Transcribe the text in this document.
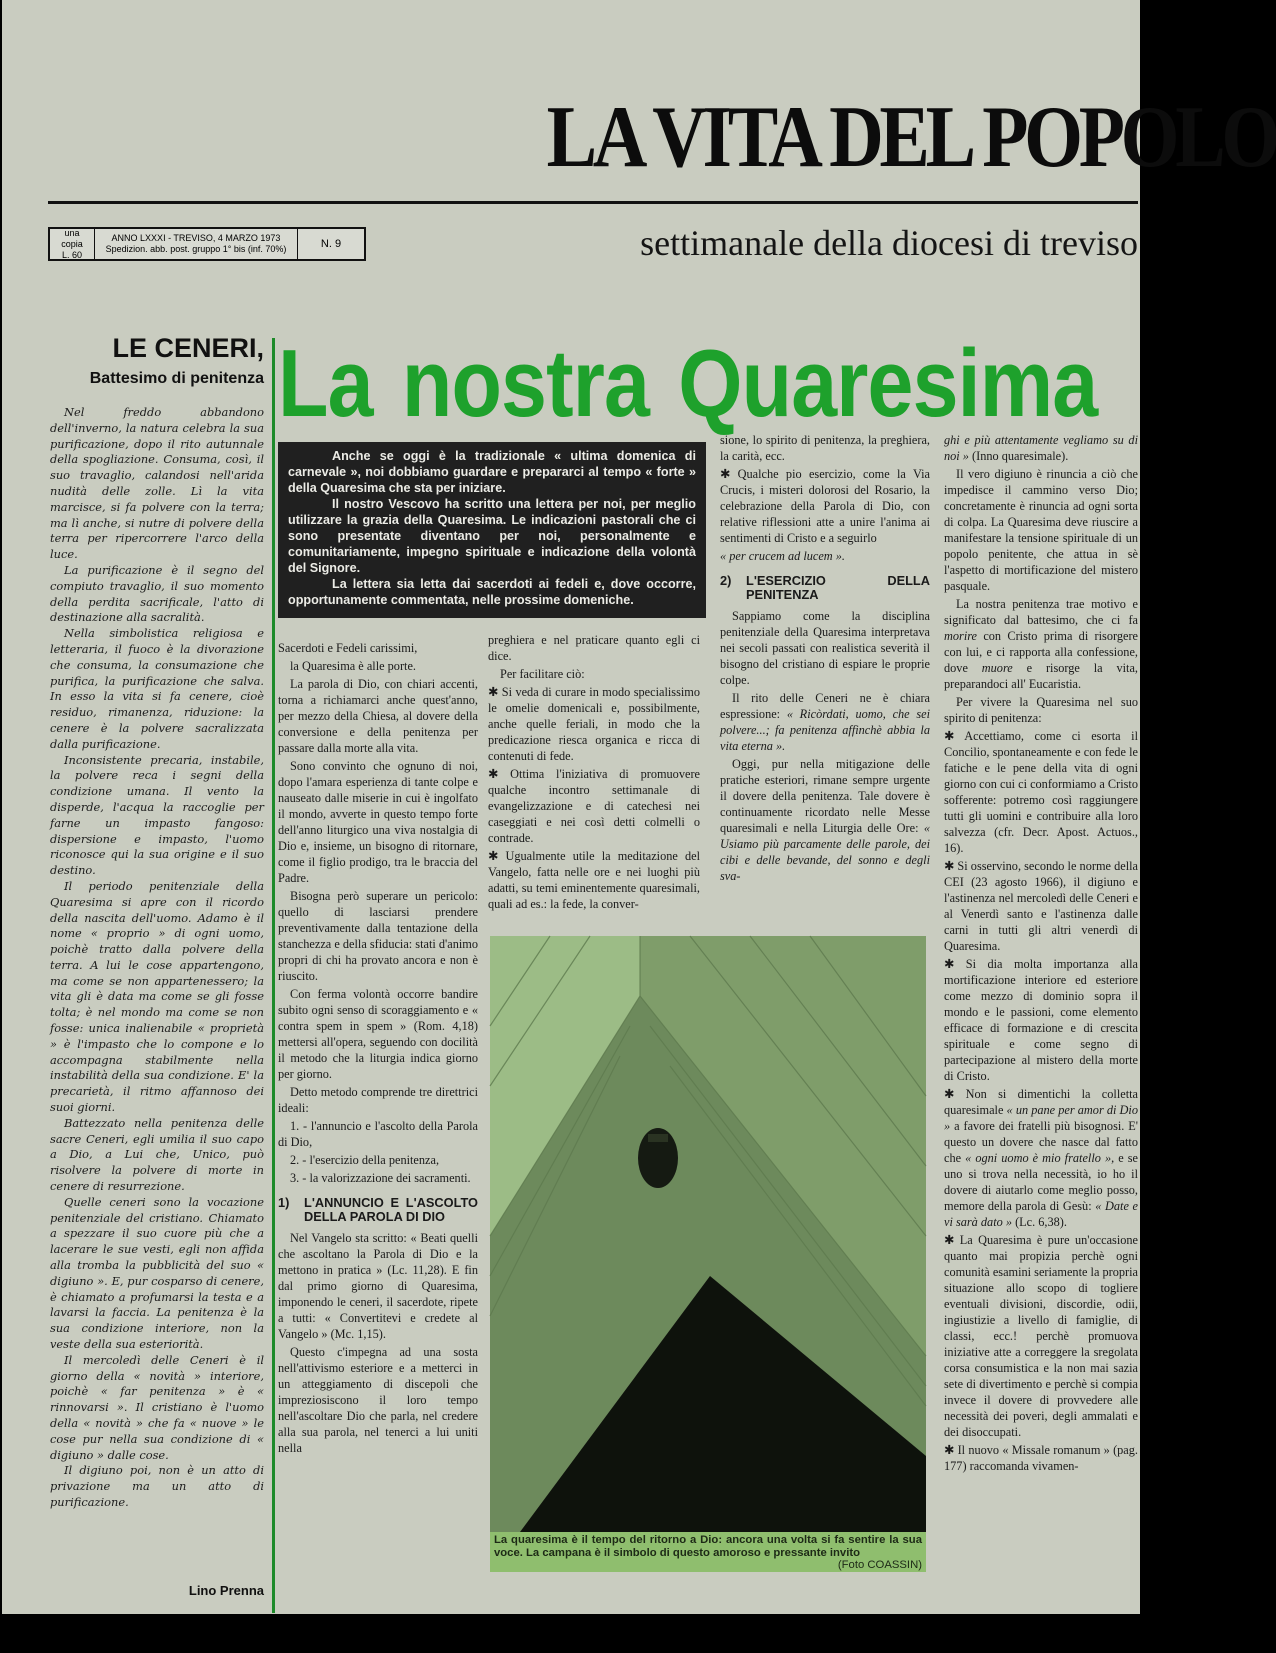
LA VITA DEL POPOLO
una copia
L. 60
ANNO LXXXI - TREVISO, 4 MARZO 1973
Spedizion. abb. post. gruppo 1° bis (inf. 70%)	N. 9	settimanale della diocesi di treviso
LE CENERI,
Battesimo di penitenza

Nel freddo abbandono dell'inverno, la natura celebra la sua purificazione, dopo il rito autunnale della spogliazione. Consuma, così, il suo travaglio, calandosi nell'arida nudità delle zolle. Lì la vita marcisce, si fa polvere con la terra; ma lì anche, si nutre di polvere della terra per ripercorrere l'arco della luce.

La purificazione è il segno del compiuto travaglio, il suo momento della perdita sacrificale, l'atto di destinazione alla sacralità.

Nella simbolistica religiosa e letteraria, il fuoco è la divorazione che consuma, la consumazione che purifica, la purificazione che salva. In esso la vita si fa cenere, cioè residuo, rimanenza, riduzione: la cenere è la polvere sacralizzata dalla purificazione.

Inconsistente precaria, instabile, la polvere reca i segni della condizione umana. Il vento la disperde, l'acqua la raccoglie per farne un impasto fangoso: dispersione e impasto, l'uomo riconosce qui la sua origine e il suo destino.

Il periodo penitenziale della Quaresima si apre con il ricordo della nascita dell'uomo. Adamo è il nome « proprio » di ogni uomo, poichè tratto dalla polvere della terra. A lui le cose appartengono, ma come se non appartenessero; la vita gli è data ma come se gli fosse tolta; è nel mondo ma come se non fosse: unica inalienabile « proprietà » è l'impasto che lo compone e lo accompagna stabilmente nella instabilità della sua condizione. E' la precarietà, il ritmo affannoso dei suoi giorni.

Battezzato nella penitenza delle sacre Ceneri, egli umilia il suo capo a Dio, a Lui che, Unico, può risolvere la polvere di morte in cenere di resurrezione.

Quelle ceneri sono la vocazione penitenziale del cristiano. Chiamato a spezzare il suo cuore più che a lacerare le sue vesti, egli non affida alla tromba la pubblicità del suo « digiuno ». E, pur cosparso di cenere, è chiamato a profumarsi la testa e a lavarsi la faccia. La penitenza è la sua condizione interiore, non la veste della sua esteriorità.

Il mercoledì delle Ceneri è il giorno della « novità » interiore, poichè « far penitenza » è « rinnovarsi ». Il cristiano è l'uomo della « novità » che fa « nuove » le cose pur nella sua condizione di « digiuno » dalle cose.

Il digiuno poi, non è un atto di privazione ma un atto di purificazione.

Lino Prenna
La nostra Quaresima

Anche se oggi è la tradizionale « ultima domenica di carnevale », noi dobbiamo guardare e prepararci al tempo « forte » della Quaresima che sta per iniziare.

Il nostro Vescovo ha scritto una lettera per noi, per meglio utilizzare la grazia della Quaresima. Le indicazioni pastorali che ci sono presentate diventano per noi, personalmente e comunitariamente, impegno spirituale e indicazione della volontà del Signore.

La lettera sia letta dai sacerdoti ai fedeli e, dove occorre, opportunamente commentata, nelle prossime domeniche.

Sacerdoti e Fedeli carissimi,

la Quaresima è alle porte.

La parola di Dio, con chiari accenti, torna a richiamarci anche quest'anno, per mezzo della Chiesa, al dovere della conversione e della penitenza per passare dalla morte alla vita.

Sono convinto che ognuno di noi, dopo l'amara esperienza di tante colpe e nauseato dalle miserie in cui è ingolfato il mondo, avverte in questo tempo forte dell'anno liturgico una viva nostalgia di Dio e, insieme, un bisogno di ritornare, come il figlio prodigo, tra le braccia del Padre.

Bisogna però superare un pericolo: quello di lasciarsi prendere preventivamente dalla tentazione della stanchezza e della sfiducia: stati d'animo propri di chi ha provato ancora e non è riuscito.

Con ferma volontà occorre bandire subito ogni senso di scoraggiamento e « contra spem in spem » (Rom. 4,18) mettersi all'opera, seguendo con docilità il metodo che la liturgia indica giorno per giorno.

Detto metodo comprende tre direttrici ideali:

1. - l'annuncio e l'ascolto della Parola di Dio,

2. - l'esercizio della penitenza,

3. - la valorizzazione dei sacramenti.

1)	L'ANNUNCIO E L'ASCOLTO DELLA PAROLA DI DIO

Nel Vangelo sta scritto: « Beati quelli che ascoltano la Parola di Dio e la mettono in pratica » (Lc. 11,28). E fin dal primo giorno di Quaresima, imponendo le ceneri, il sacerdote, ripete a tutti: « Convertitevi e credete al Vangelo » (Mc. 1,15).

Questo c'impegna ad una sosta nell'attivismo esteriore e a metterci in un atteggiamento di discepoli che impreziosiscono il loro tempo nell'ascoltare Dio che parla, nel credere alla sua parola, nel tenerci a lui uniti nella

preghiera e nel praticare quanto egli ci dice.

Per facilitare ciò:

✱ Si veda di curare in modo specialissimo le omelie domenicali e, possibilmente, anche quelle feriali, in modo che la predicazione riesca organica e ricca di contenuti di fede.

✱ Ottima l'iniziativa di promuovere qualche incontro settimanale di evangelizzazione e di catechesi nei caseggiati e nei così detti colmelli o contrade.

✱ Ugualmente utile la meditazione del Vangelo, fatta nelle ore e nei luoghi più adatti, su temi eminentemente quaresimali, quali ad es.: la fede, la conver-

La quaresima è il tempo del ritorno a Dio: ancora una volta si fa sentire la sua voce. La campana è il simbolo di questo amoroso e pressante invito
(Foto COASSIN)

sione, lo spirito di penitenza, la preghiera, la carità, ecc.

✱ Qualche pio esercizio, come la Via Crucis, i misteri dolorosi del Rosario, la celebrazione della Parola di Dio, con relative riflessioni atte a unire l'anima ai sentimenti di Cristo e a seguirlo

« per crucem ad lucem ».

2)	L'ESERCIZIO DELLA PENITENZA

Sappiamo come la disciplina penitenziale della Quaresima interpretava nei secoli passati con realistica severità il bisogno del cristiano di espiare le proprie colpe.

Il rito delle Ceneri ne è chiara espressione: « Ricòrdati, uomo, che sei polvere...; fa penitenza affinchè abbia la vita eterna ».

Oggi, pur nella mitigazione delle pratiche esteriori, rimane sempre urgente il dovere della penitenza. Tale dovere è continuamente ricordato nelle Messe quaresimali e nella Liturgia delle Ore: « Usiamo più parcamente delle parole, dei cibi e delle bevande, del sonno e degli sva-

ghi e più attentamente vegliamo su di noi » (Inno quaresimale).

Il vero digiuno è rinuncia a ciò che impedisce il cammino verso Dio; concretamente è rinuncia ad ogni sorta di colpa. La Quaresima deve riuscire a manifestare la tensione spirituale di un popolo penitente, che attua in sè l'aspetto di mortificazione del mistero pasquale.

La nostra penitenza trae motivo e significato dal battesimo, che ci fa morire con Cristo prima di risorgere con lui, e ci rapporta alla confessione, dove muore e risorge la vita, preparandoci all' Eucaristia.

Per vivere la Quaresima nel suo spirito di penitenza:

✱ Accettiamo, come ci esorta il Concilio, spontaneamente e con fede le fatiche e le pene della vita di ogni giorno con cui ci conformiamo a Cristo sofferente: potremo così raggiungere tutti gli uomini e contribuire alla loro salvezza (cfr. Decr. Apost. Actuos., 16).

✱ Si osservino, secondo le norme della CEI (23 agosto 1966), il digiuno e l'astinenza nel mercoledì delle Ceneri e al Venerdì santo e l'astinenza dalle carni in tutti gli altri venerdì di Quaresima.

✱ Si dia molta importanza alla mortificazione interiore ed esteriore come mezzo di dominio sopra il mondo e le passioni, come elemento efficace di formazione e di crescita spirituale e come segno di partecipazione al mistero della morte di Cristo.

✱ Non si dimentichi la colletta quaresimale « un pane per amor di Dio » a favore dei fratelli più bisognosi. E' questo un dovere che nasce dal fatto che « ogni uomo è mio fratello », e se uno si trova nella necessità, io ho il dovere di aiutarlo come meglio posso, memore della parola di Gesù: « Date e vi sarà dato » (Lc. 6,38).

✱ La Quaresima è pure un'occasione quanto mai propizia perchè ogni comunità esamini seriamente la propria situazione allo scopo di togliere eventuali divisioni, discordie, odii, ingiustizie a livello di famiglie, di classi, ecc.! perchè promuova iniziative atte a correggere la sregolata corsa consumistica e la non mai sazia sete di divertimento e perchè si compia invece il dovere di provvedere alle necessità dei poveri, degli ammalati e dei disoccupati.

✱ Il nuovo « Missale romanum » (pag. 177) raccomanda vivamen-
